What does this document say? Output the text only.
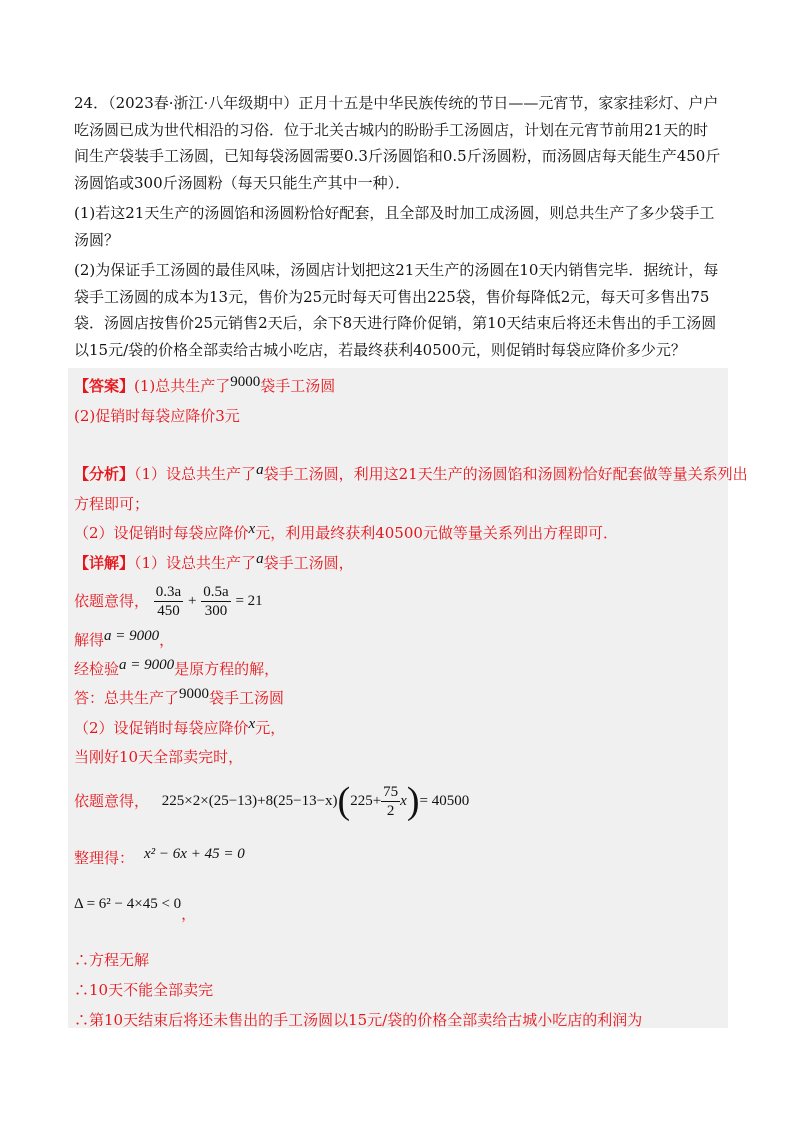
24．（2023春·浙江·八年级期中）正月十五是中华民族传统的节日——元宵节，家家挂彩灯、户户吃汤圆已成为世代相沿的习俗．位于北关古城内的盼盼手工汤圆店，计划在元宵节前用21天的时间生产袋装手工汤圆，已知每袋汤圆需要0.3斤汤圆馅和0.5斤汤圆粉，而汤圆店每天能生产450斤汤圆馅或300斤汤圆粉（每天只能生产其中一种）．

(1)若这21天生产的汤圆馅和汤圆粉恰好配套，且全部及时加工成汤圆，则总共生产了多少袋手工汤圆？

(2)为保证手工汤圆的最佳风味，汤圆店计划把这21天生产的汤圆在10天内销售完毕．据统计，每袋手工汤圆的成本为13元，售价为25元时每天可售出225袋，售价每降低2元，每天可多售出75袋．汤圆店按售价25元销售2天后，余下8天进行降价促销，第10天结束后将还未售出的手工汤圆以15元/袋的价格全部卖给古城小吃店，若最终获利40500元，则促销时每袋应降价多少元？

【答案】(1)总共生产了9000袋手工汤圆
(2)促销时每袋应降价3元
【分析】（1）设总共生产了a袋手工汤圆，利用这21天生产的汤圆馅和汤圆粉恰好配套做等量关系列出
方程即可；
（2）设促销时每袋应降价x元，利用最终获利40500元做等量关系列出方程即可．
【详解】（1）设总共生产了a袋手工汤圆，
依题意得， $\frac{0.3a}{450} + \frac{0.5a}{300} = 21$
解得a = 9000，
经检验a = 9000是原方程的解，
答：总共生产了9000袋手工汤圆
（2）设促销时每袋应降价x元，
当刚好10天全部卖完时，
依题意得， $225\times 2\times(25-13)+8(25-13-x)(225+ \frac{75}{2} x)= 40500$
整理得： x² − 6x + 45 = 0
Δ = 6² − 4×45 < 0，
∴方程无解
∴10天不能全部卖完
∴第10天结束后将还未售出的手工汤圆以15元/袋的价格全部卖给古城小吃店的利润为
